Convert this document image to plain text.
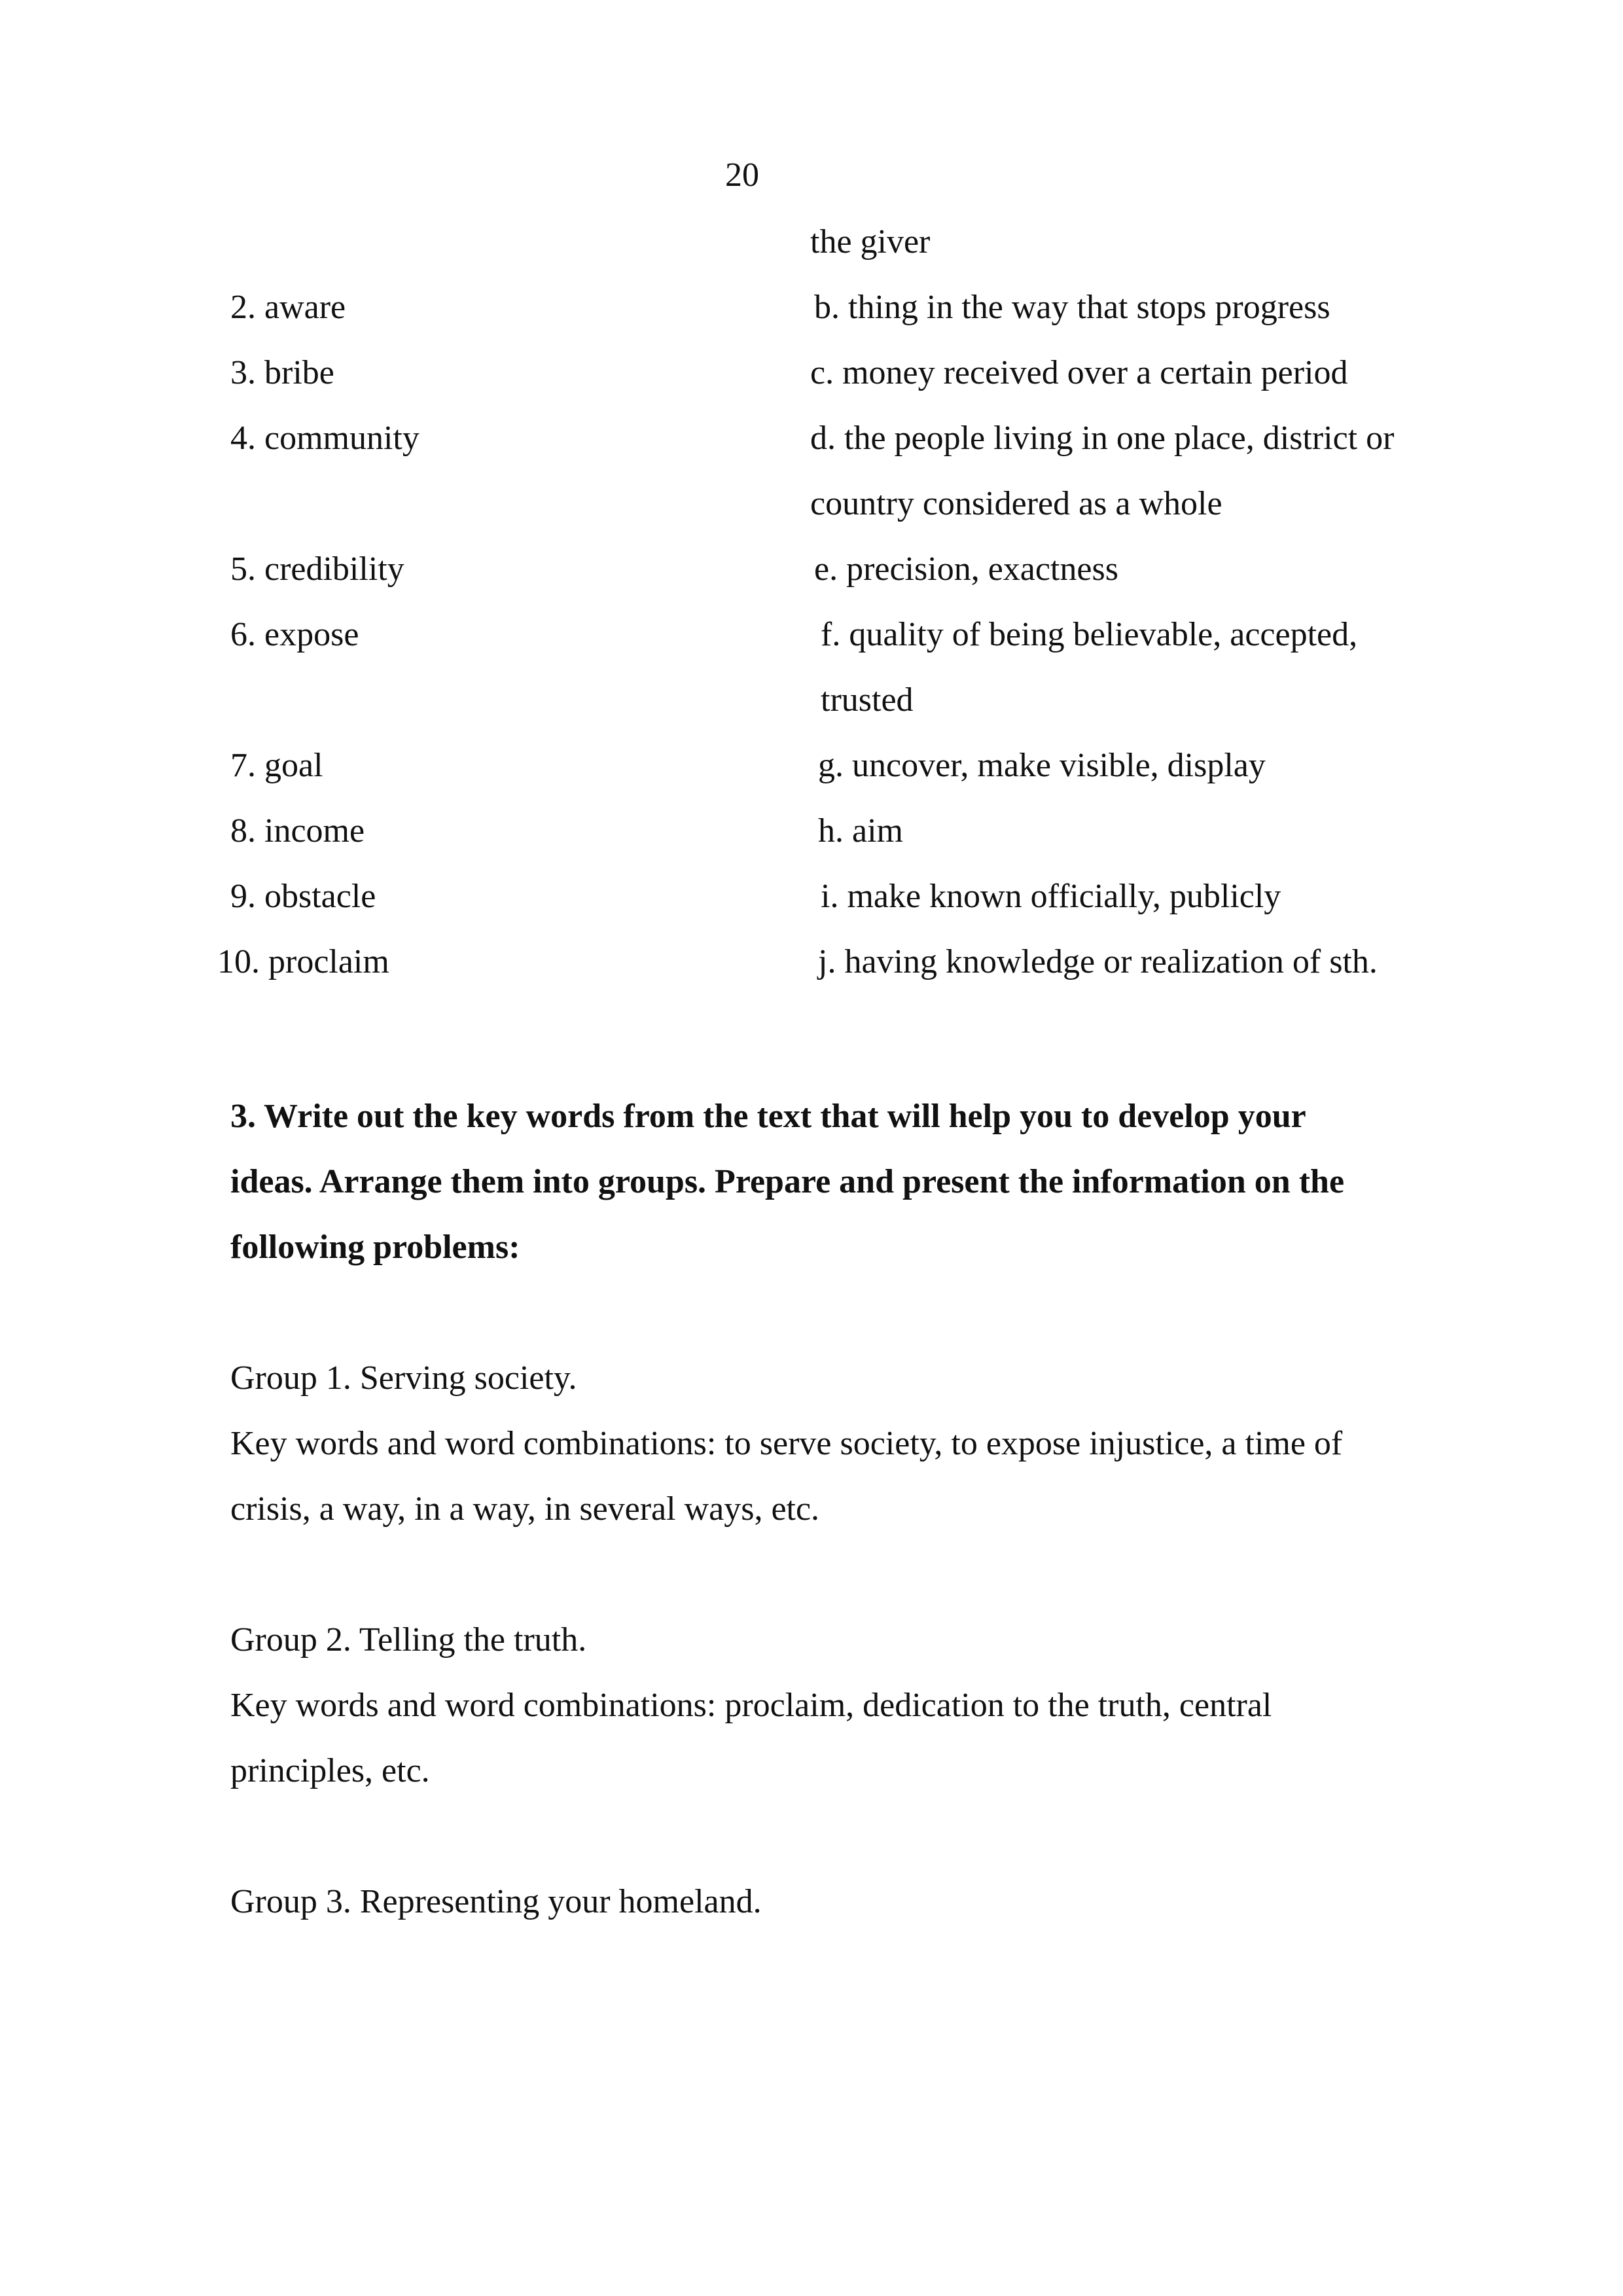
20
the giver
2. aware
3. bribe
4. community
5. credibility
6. expose
7. goal
8. income
9. obstacle
10. proclaim
b. thing in the way that stops progress
c. money received over a certain period
d. the people living in one place, district or
country considered as a whole
e. precision, exactness
f. quality of being believable, accepted,
trusted
g. uncover, make visible, display
h. aim
i. make known officially, publicly
j. having knowledge or realization of sth.
3. Write out the key words from the text that will help you to develop your
ideas. Arrange them into groups. Prepare and present the information on the
following problems:
Group 1. Serving society.
Key words and word combinations: to serve society, to expose injustice, a time of
crisis, a way, in a way, in several ways, etc.
Group 2. Telling the truth.
Key words and word combinations: proclaim, dedication to the truth, central
principles, etc.
Group 3. Representing your homeland.
